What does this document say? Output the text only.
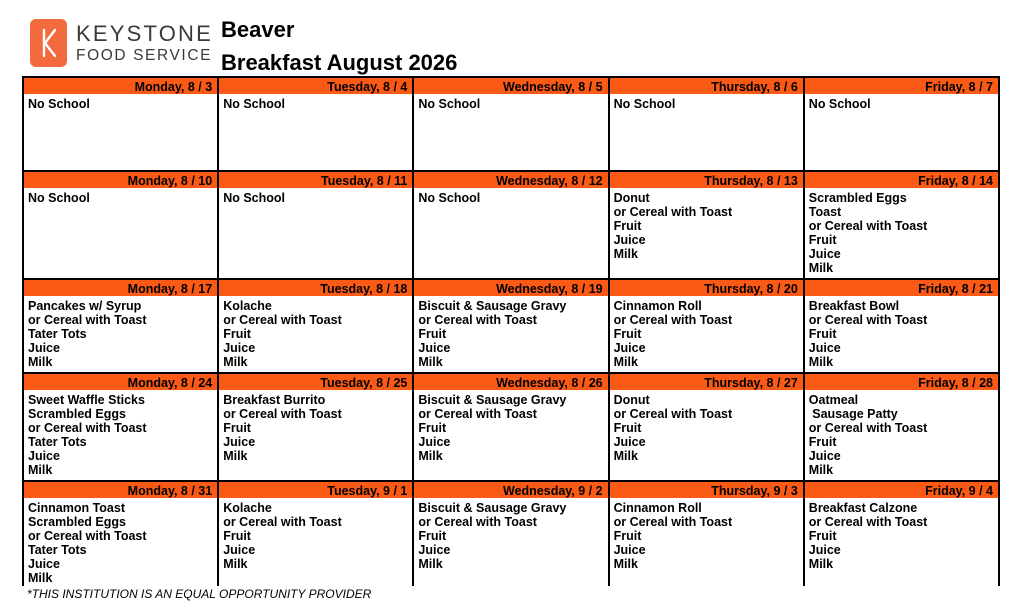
KEYSTONE
FOOD SERVICE
Beaver
Breakfast August 2026
Monday, 8 / 3
No School
Tuesday, 8 / 4
No School
Wednesday, 8 / 5
No School
Thursday, 8 / 6
No School
Friday, 8 / 7
No School
Monday, 8 / 10
No School
Tuesday, 8 / 11
No School
Wednesday, 8 / 12
No School
Thursday, 8 / 13
Donut
or Cereal with Toast
Fruit
Juice
Milk
Friday, 8 / 14
Scrambled Eggs
Toast
or Cereal with Toast
Fruit
Juice
Milk
Monday, 8 / 17
Pancakes w/ Syrup
or Cereal with Toast
Tater Tots
Juice
Milk
Tuesday, 8 / 18
Kolache
or Cereal with Toast
Fruit
Juice
Milk
Wednesday, 8 / 19
Biscuit & Sausage Gravy
or Cereal with Toast
Fruit
Juice
Milk
Thursday, 8 / 20
Cinnamon Roll
or Cereal with Toast
Fruit
Juice
Milk
Friday, 8 / 21
Breakfast Bowl
or Cereal with Toast
Fruit
Juice
Milk
Monday, 8 / 24
Sweet Waffle Sticks
Scrambled Eggs
or Cereal with Toast
Tater Tots
Juice
Milk
Tuesday, 8 / 25
Breakfast Burrito
or Cereal with Toast
Fruit
Juice
Milk
Wednesday, 8 / 26
Biscuit & Sausage Gravy
or Cereal with Toast
Fruit
Juice
Milk
Thursday, 8 / 27
Donut
or Cereal with Toast
Fruit
Juice
Milk
Friday, 8 / 28
Oatmeal
Sausage Patty
or Cereal with Toast
Fruit
Juice
Milk
Monday, 8 / 31
Cinnamon Toast
Scrambled Eggs
or Cereal with Toast
Tater Tots
Juice
Milk
Tuesday, 9 / 1
Kolache
or Cereal with Toast
Fruit
Juice
Milk
Wednesday, 9 / 2
Biscuit & Sausage Gravy
or Cereal with Toast
Fruit
Juice
Milk
Thursday, 9 / 3
Cinnamon Roll
or Cereal with Toast
Fruit
Juice
Milk
Friday, 9 / 4
Breakfast Calzone
or Cereal with Toast
Fruit
Juice
Milk
*THIS INSTITUTION IS AN EQUAL OPPORTUNITY PROVIDER
